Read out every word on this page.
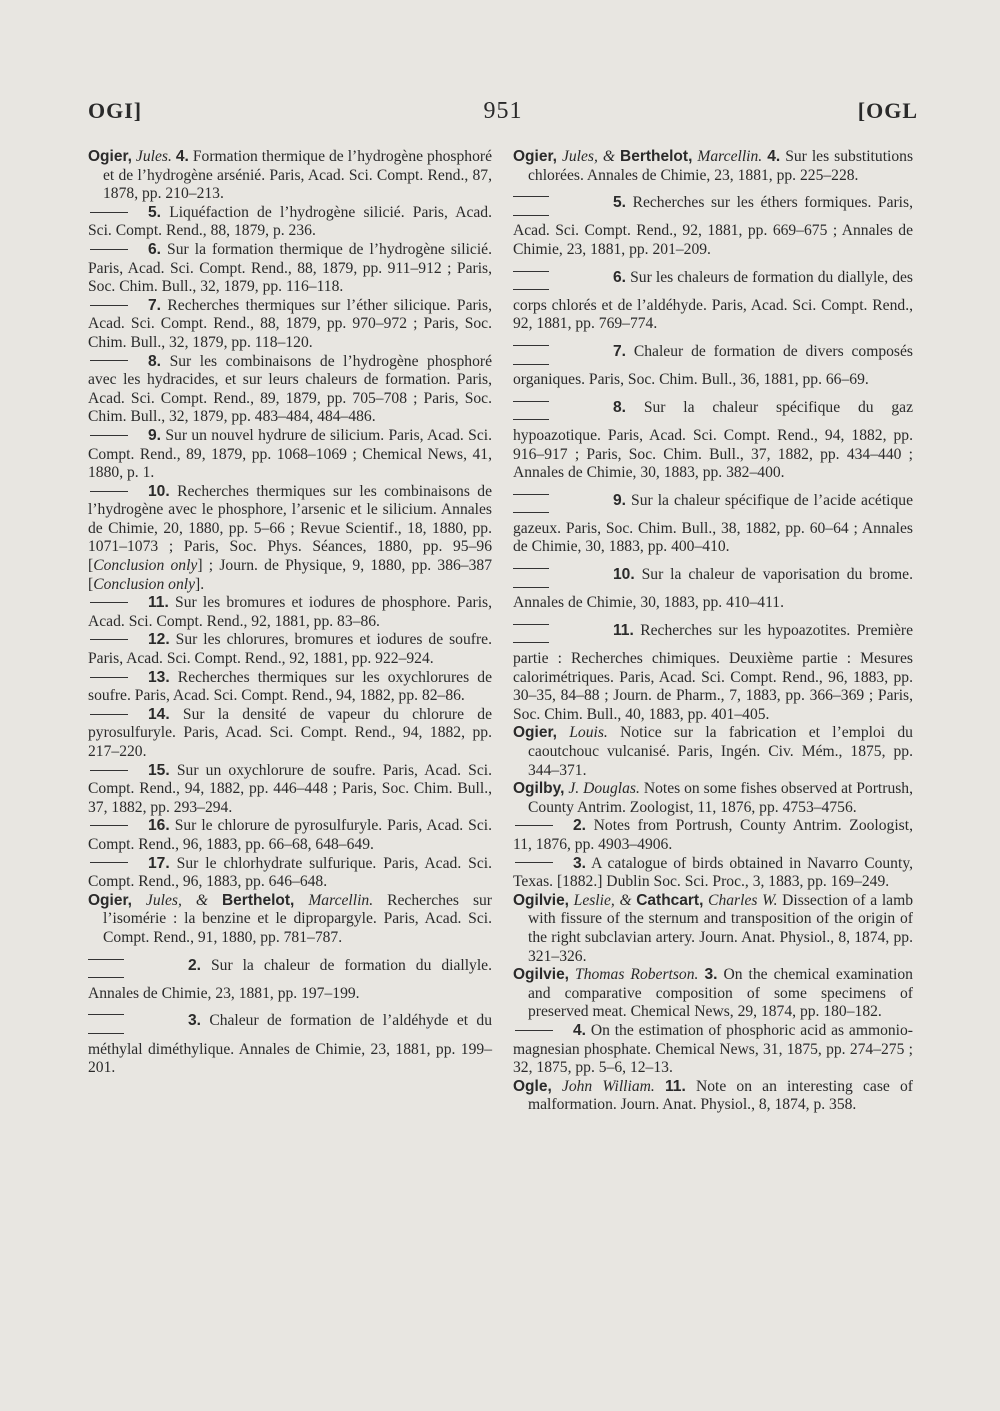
OGI]	951	[OGL
Ogier, Jules. 4. Formation thermique de l’hydrogène phosphoré et de l’hydrogène arsénié. Paris, Acad. Sci. Compt. Rend., 87, 1878, pp. 210–213.
5. Liquéfaction de l’hydrogène silicié. Paris, Acad. Sci. Compt. Rend., 88, 1879, p. 236.
6. Sur la formation thermique de l’hydrogène silicié. Paris, Acad. Sci. Compt. Rend., 88, 1879, pp. 911–912 ; Paris, Soc. Chim. Bull., 32, 1879, pp. 116–118.
7. Recherches thermiques sur l’éther silicique. Paris, Acad. Sci. Compt. Rend., 88, 1879, pp. 970–972 ; Paris, Soc. Chim. Bull., 32, 1879, pp. 118–120.
8. Sur les combinaisons de l’hydrogène phosphoré avec les hydracides, et sur leurs chaleurs de formation. Paris, Acad. Sci. Compt. Rend., 89, 1879, pp. 705–708 ; Paris, Soc. Chim. Bull., 32, 1879, pp. 483–484, 484–486.
9. Sur un nouvel hydrure de silicium. Paris, Acad. Sci. Compt. Rend., 89, 1879, pp. 1068–1069 ; Chemical News, 41, 1880, p. 1.
10. Recherches thermiques sur les combinaisons de l’hydrogène avec le phosphore, l’arsenic et le silicium. Annales de Chimie, 20, 1880, pp. 5–66 ; Revue Scientif., 18, 1880, pp. 1071–1073 ; Paris, Soc. Phys. Séances, 1880, pp. 95–96 [Conclusion only] ; Journ. de Physique, 9, 1880, pp. 386–387 [Conclusion only].
11. Sur les bromures et iodures de phosphore. Paris, Acad. Sci. Compt. Rend., 92, 1881, pp. 83–86.
12. Sur les chlorures, bromures et iodures de soufre. Paris, Acad. Sci. Compt. Rend., 92, 1881, pp. 922–924.
13. Recherches thermiques sur les oxychlorures de soufre. Paris, Acad. Sci. Compt. Rend., 94, 1882, pp. 82–86.
14. Sur la densité de vapeur du chlorure de pyrosulfuryle. Paris, Acad. Sci. Compt. Rend., 94, 1882, pp. 217–220.
15. Sur un oxychlorure de soufre. Paris, Acad. Sci. Compt. Rend., 94, 1882, pp. 446–448 ; Paris, Soc. Chim. Bull., 37, 1882, pp. 293–294.
16. Sur le chlorure de pyrosulfuryle. Paris, Acad. Sci. Compt. Rend., 96, 1883, pp. 66–68, 648–649.
17. Sur le chlorhydrate sulfurique. Paris, Acad. Sci. Compt. Rend., 96, 1883, pp. 646–648.
Ogier, Jules, & Berthelot, Marcellin. Recherches sur l’isomérie : la benzine et le dipropargyle. Paris, Acad. Sci. Compt. Rend., 91, 1880, pp. 781–787.
2. Sur la chaleur de formation du diallyle. Annales de Chimie, 23, 1881, pp. 197–199.
3. Chaleur de formation de l’aldéhyde et du méthylal diméthylique. Annales de Chimie, 23, 1881, pp. 199–201.
Ogier, Jules, & Berthelot, Marcellin. 4. Sur les substitutions chlorées. Annales de Chimie, 23, 1881, pp. 225–228.
5. Recherches sur les éthers formiques. Paris, Acad. Sci. Compt. Rend., 92, 1881, pp. 669–675 ; Annales de Chimie, 23, 1881, pp. 201–209.
6. Sur les chaleurs de formation du diallyle, des corps chlorés et de l’aldéhyde. Paris, Acad. Sci. Compt. Rend., 92, 1881, pp. 769–774.
7. Chaleur de formation de divers composés organiques. Paris, Soc. Chim. Bull., 36, 1881, pp. 66–69.
8. Sur la chaleur spécifique du gaz hypoazotique. Paris, Acad. Sci. Compt. Rend., 94, 1882, pp. 916–917 ; Paris, Soc. Chim. Bull., 37, 1882, pp. 434–440 ; Annales de Chimie, 30, 1883, pp. 382–400.
9. Sur la chaleur spécifique de l’acide acétique gazeux. Paris, Soc. Chim. Bull., 38, 1882, pp. 60–64 ; Annales de Chimie, 30, 1883, pp. 400–410.
10. Sur la chaleur de vaporisation du brome. Annales de Chimie, 30, 1883, pp. 410–411.
11. Recherches sur les hypoazotites. Première partie : Recherches chimiques. Deuxième partie : Mesures calorimétriques. Paris, Acad. Sci. Compt. Rend., 96, 1883, pp. 30–35, 84–88 ; Journ. de Pharm., 7, 1883, pp. 366–369 ; Paris, Soc. Chim. Bull., 40, 1883, pp. 401–405.
Ogier, Louis. Notice sur la fabrication et l’emploi du caoutchouc vulcanisé. Paris, Ingén. Civ. Mém., 1875, pp. 344–371.
Ogilby, J. Douglas. Notes on some fishes observed at Portrush, County Antrim. Zoologist, 11, 1876, pp. 4753–4756.
2. Notes from Portrush, County Antrim. Zoologist, 11, 1876, pp. 4903–4906.
3. A catalogue of birds obtained in Navarro County, Texas. [1882.] Dublin Soc. Sci. Proc., 3, 1883, pp. 169–249.
Ogilvie, Leslie, & Cathcart, Charles W. Dissection of a lamb with fissure of the sternum and transposition of the origin of the right subclavian artery. Journ. Anat. Physiol., 8, 1874, pp. 321–326.
Ogilvie, Thomas Robertson. 3. On the chemical examination and comparative composition of some specimens of preserved meat. Chemical News, 29, 1874, pp. 180–182.
4. On the estimation of phosphoric acid as ammonio-magnesian phosphate. Chemical News, 31, 1875, pp. 274–275 ; 32, 1875, pp. 5–6, 12–13.
Ogle, John William. 11. Note on an interesting case of malformation. Journ. Anat. Physiol., 8, 1874, p. 358.
